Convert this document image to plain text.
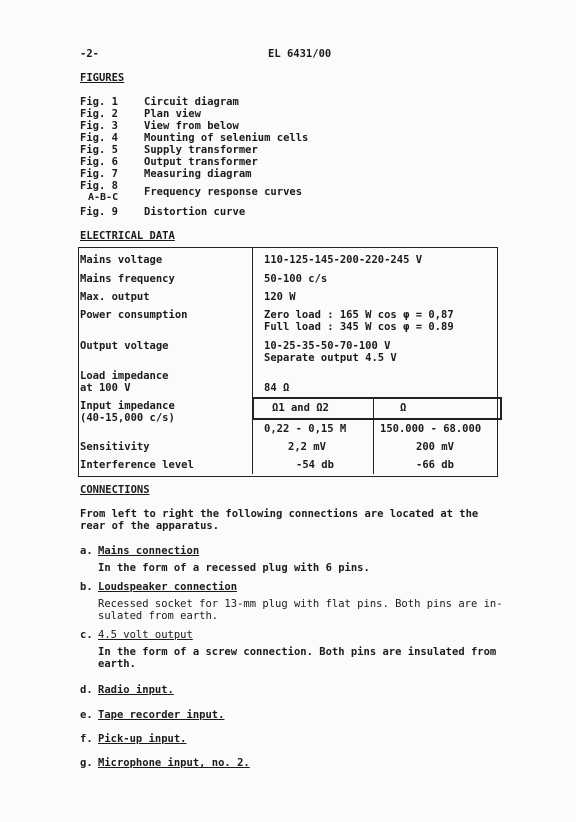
-2-	EL 6431/00
FIGURES
Fig. 1 Circuit diagram
Fig. 2 Plan view
Fig. 3 View from below
Fig. 4 Mounting of selenium cells
Fig. 5 Supply transformer
Fig. 6 Output transformer
Fig. 7 Measuring diagram
Fig. 8
A-B-C Frequency response curves
Fig. 9 Distortion curve
ELECTRICAL DATA
Mains voltage	110-125-145-200-220-245 V
Mains frequency	50-100 c/s
Max. output	120 W
Power consumption	Zero load : 165 W cos φ = 0,87
Full load : 345 W cos φ = 0.89
Output voltage	10-25-35-50-70-100 V
Separate output 4.5 V
Load impedance
at 100 V	84 Ω
Input impedance
(40-15,000 c/s)
Ω1 and Ω2	Ω
0,22 - 0,15 M	150.000 - 68.000
Sensitivity	2,2 mV	200 mV
Interference level	-54 db	-66 db
CONNECTIONS
From left to right the following connections are located at the
rear of the apparatus.
a. Mains connection
In the form of a recessed plug with 6 pins.
b. Loudspeaker connection
Recessed socket for 13-mm plug with flat pins. Both pins are in-
sulated from earth.
c. 4.5 volt output
In the form of a screw connection. Both pins are insulated from
earth.
d. Radio input.
e. Tape recorder input.
f. Pick-up input.
g. Microphone input, no. 2.
